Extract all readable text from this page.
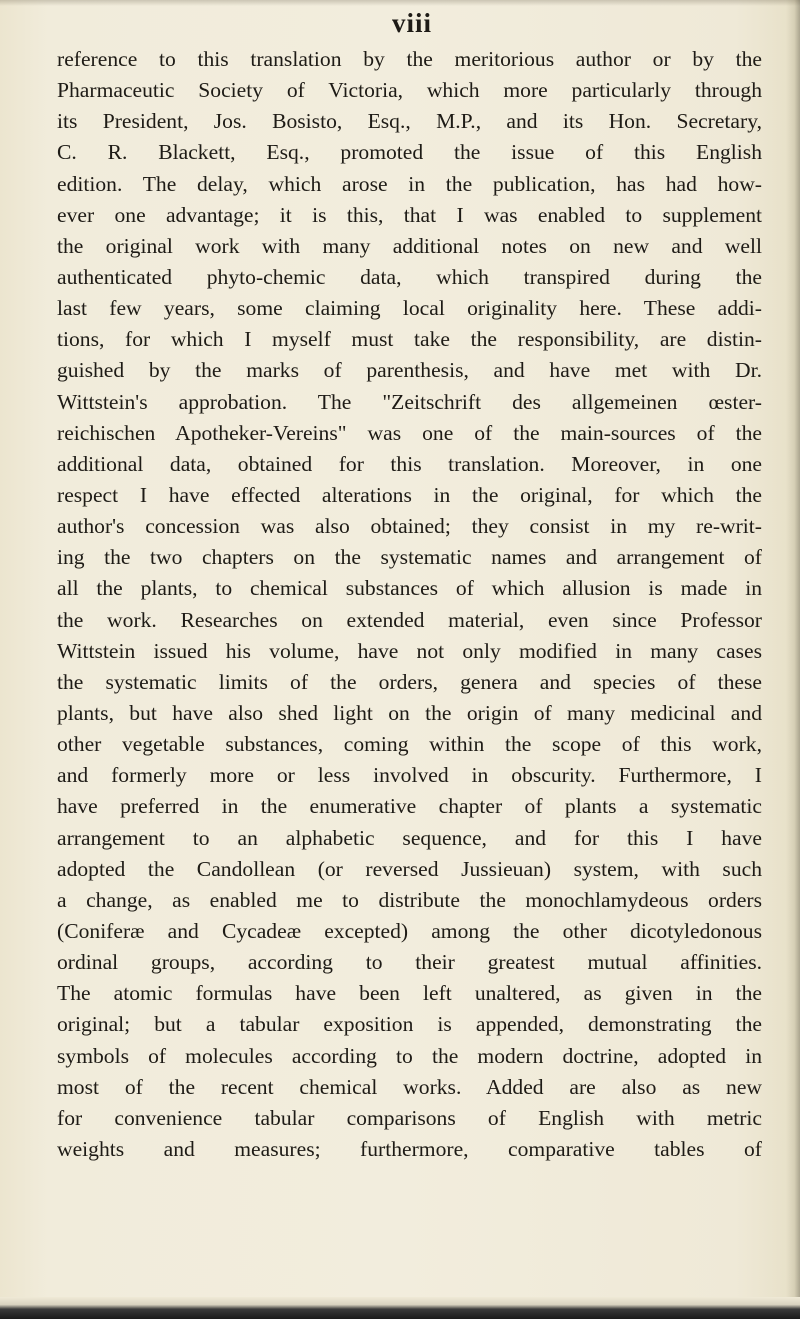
viii
reference to this translation by the meritorious author or by the
Pharmaceutic Society of Victoria, which more particularly through
its President, Jos. Bosisto, Esq., M.P., and its Hon. Secretary,
C. R. Blackett, Esq., promoted the issue of this English
edition. The delay, which arose in the publication, has had how-
ever one advantage; it is this, that I was enabled to supplement
the original work with many additional notes on new and well
authenticated phyto-chemic data, which transpired during the
last few years, some claiming local originality here. These addi-
tions, for which I myself must take the responsibility, are distin-
guished by the marks of parenthesis, and have met with Dr.
Wittstein's approbation. The "Zeitschrift des allgemeinen œster-
reichischen Apotheker-Vereins" was one of the main-sources of the
additional data, obtained for this translation. Moreover, in one
respect I have effected alterations in the original, for which the
author's concession was also obtained; they consist in my re-writ-
ing the two chapters on the systematic names and arrangement of
all the plants, to chemical substances of which allusion is made in
the work. Researches on extended material, even since Professor
Wittstein issued his volume, have not only modified in many cases
the systematic limits of the orders, genera and species of these
plants, but have also shed light on the origin of many medicinal and
other vegetable substances, coming within the scope of this work,
and formerly more or less involved in obscurity. Furthermore, I
have preferred in the enumerative chapter of plants a systematic
arrangement to an alphabetic sequence, and for this I have
adopted the Candollean (or reversed Jussieuan) system, with such
a change, as enabled me to distribute the monochlamydeous orders
(Coniferæ and Cycadeæ excepted) among the other dicotyledonous
ordinal groups, according to their greatest mutual affinities.
The atomic formulas have been left unaltered, as given in the
original; but a tabular exposition is appended, demonstrating the
symbols of molecules according to the modern doctrine, adopted in
most of the recent chemical works. Added are also as new
for convenience tabular comparisons of English with metric
weights and measures; furthermore, comparative tables of
